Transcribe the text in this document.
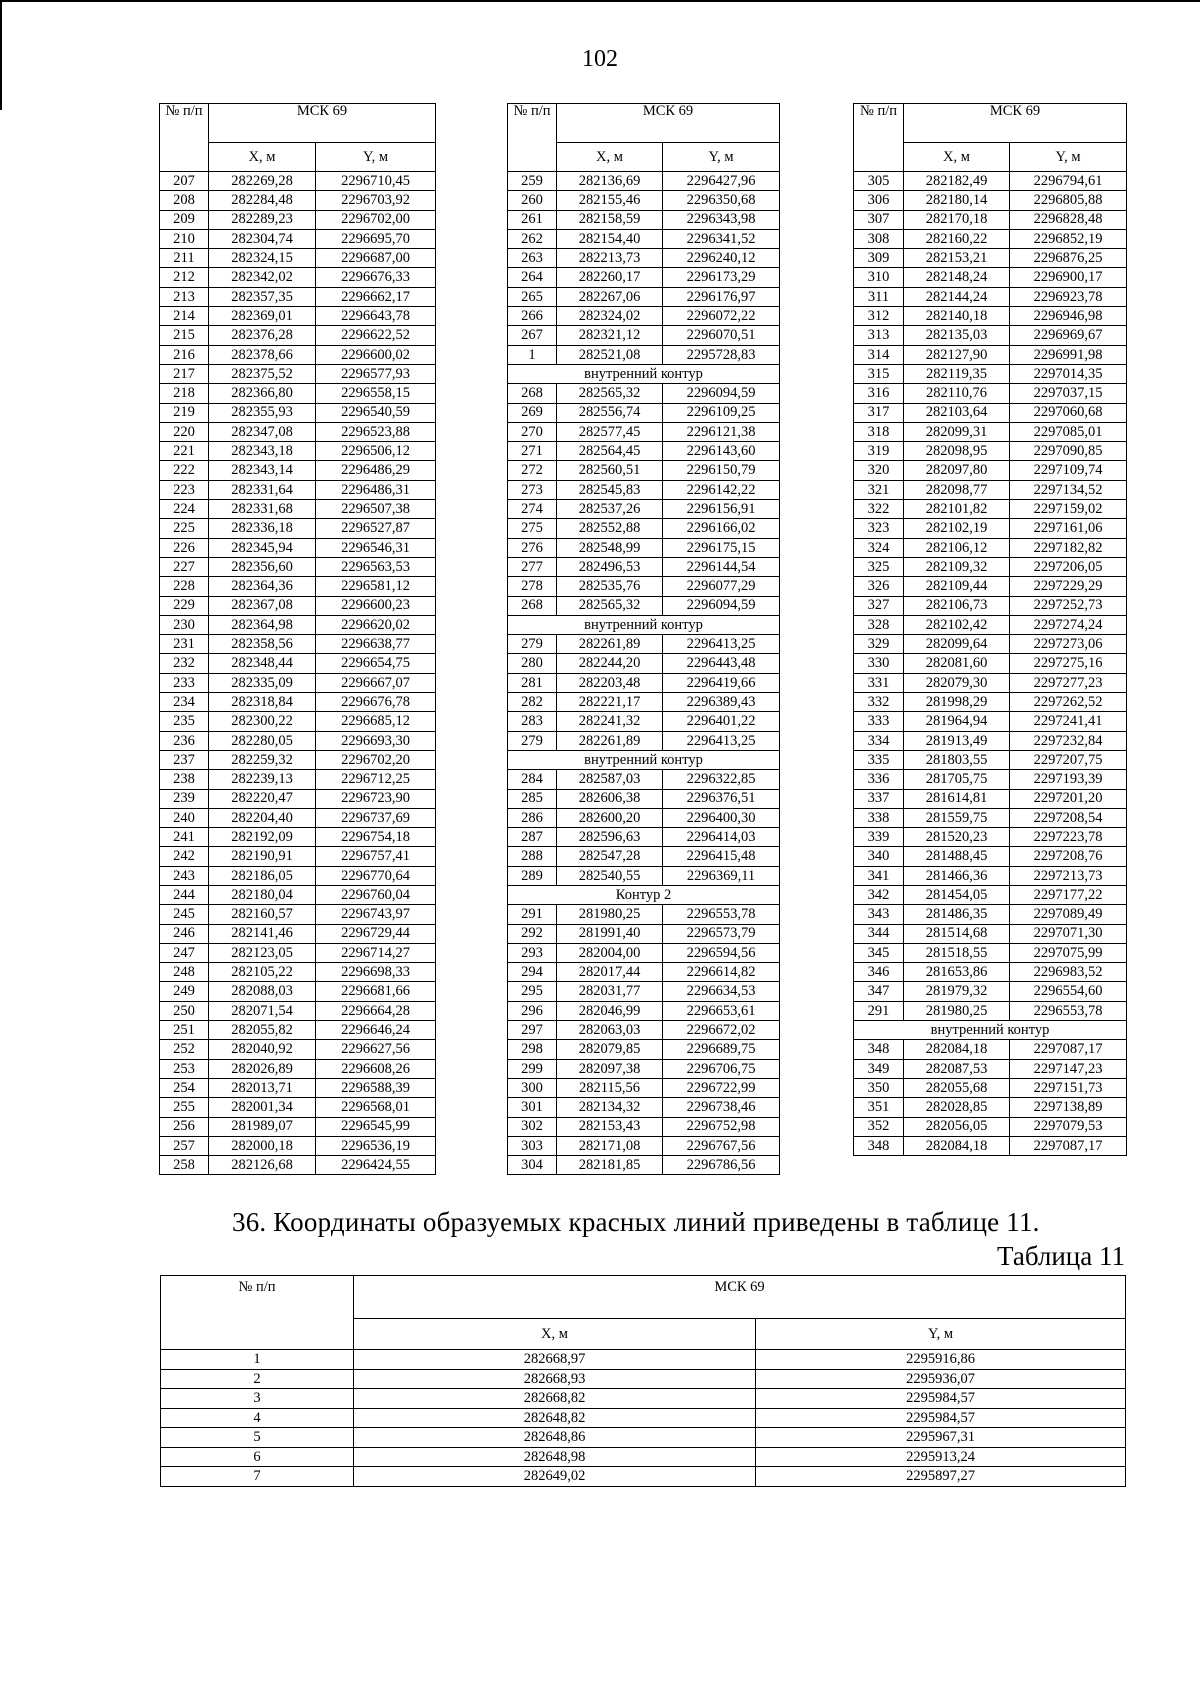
102
№ п/п	МСК 69	
	X, м	Y, м
207	282269,28	2296710,45
208	282284,48	2296703,92
209	282289,23	2296702,00
210	282304,74	2296695,70
211	282324,15	2296687,00
212	282342,02	2296676,33
213	282357,35	2296662,17
214	282369,01	2296643,78
215	282376,28	2296622,52
216	282378,66	2296600,02
217	282375,52	2296577,93
218	282366,80	2296558,15
219	282355,93	2296540,59
220	282347,08	2296523,88
221	282343,18	2296506,12
222	282343,14	2296486,29
223	282331,64	2296486,31
224	282331,68	2296507,38
225	282336,18	2296527,87
226	282345,94	2296546,31
227	282356,60	2296563,53
228	282364,36	2296581,12
229	282367,08	2296600,23
230	282364,98	2296620,02
231	282358,56	2296638,77
232	282348,44	2296654,75
233	282335,09	2296667,07
234	282318,84	2296676,78
235	282300,22	2296685,12
236	282280,05	2296693,30
237	282259,32	2296702,20
238	282239,13	2296712,25
239	282220,47	2296723,90
240	282204,40	2296737,69
241	282192,09	2296754,18
242	282190,91	2296757,41
243	282186,05	2296770,64
244	282180,04	2296760,04
245	282160,57	2296743,97
246	282141,46	2296729,44
247	282123,05	2296714,27
248	282105,22	2296698,33
249	282088,03	2296681,66
250	282071,54	2296664,28
251	282055,82	2296646,24
252	282040,92	2296627,56
253	282026,89	2296608,26
254	282013,71	2296588,39
255	282001,34	2296568,01
256	281989,07	2296545,99
257	282000,18	2296536,19
258	282126,68	2296424,55
№ п/п	МСК 69	
	X, м	Y, м
259	282136,69	2296427,96
260	282155,46	2296350,68
261	282158,59	2296343,98
262	282154,40	2296341,52
263	282213,73	2296240,12
264	282260,17	2296173,29
265	282267,06	2296176,97
266	282324,02	2296072,22
267	282321,12	2296070,51
1	282521,08	2295728,83
внутренний контур		
268	282565,32	2296094,59
269	282556,74	2296109,25
270	282577,45	2296121,38
271	282564,45	2296143,60
272	282560,51	2296150,79
273	282545,83	2296142,22
274	282537,26	2296156,91
275	282552,88	2296166,02
276	282548,99	2296175,15
277	282496,53	2296144,54
278	282535,76	2296077,29
268	282565,32	2296094,59
внутренний контур		
279	282261,89	2296413,25
280	282244,20	2296443,48
281	282203,48	2296419,66
282	282221,17	2296389,43
283	282241,32	2296401,22
279	282261,89	2296413,25
внутренний контур		
284	282587,03	2296322,85
285	282606,38	2296376,51
286	282600,20	2296400,30
287	282596,63	2296414,03
288	282547,28	2296415,48
289	282540,55	2296369,11
Контур 2		
291	281980,25	2296553,78
292	281991,40	2296573,79
293	282004,00	2296594,56
294	282017,44	2296614,82
295	282031,77	2296634,53
296	282046,99	2296653,61
297	282063,03	2296672,02
298	282079,85	2296689,75
299	282097,38	2296706,75
300	282115,56	2296722,99
301	282134,32	2296738,46
302	282153,43	2296752,98
303	282171,08	2296767,56
304	282181,85	2296786,56
№ п/п	МСК 69	
	X, м	Y, м
305	282182,49	2296794,61
306	282180,14	2296805,88
307	282170,18	2296828,48
308	282160,22	2296852,19
309	282153,21	2296876,25
310	282148,24	2296900,17
311	282144,24	2296923,78
312	282140,18	2296946,98
313	282135,03	2296969,67
314	282127,90	2296991,98
315	282119,35	2297014,35
316	282110,76	2297037,15
317	282103,64	2297060,68
318	282099,31	2297085,01
319	282098,95	2297090,85
320	282097,80	2297109,74
321	282098,77	2297134,52
322	282101,82	2297159,02
323	282102,19	2297161,06
324	282106,12	2297182,82
325	282109,32	2297206,05
326	282109,44	2297229,29
327	282106,73	2297252,73
328	282102,42	2297274,24
329	282099,64	2297273,06
330	282081,60	2297275,16
331	282079,30	2297277,23
332	281998,29	2297262,52
333	281964,94	2297241,41
334	281913,49	2297232,84
335	281803,55	2297207,75
336	281705,75	2297193,39
337	281614,81	2297201,20
338	281559,75	2297208,54
339	281520,23	2297223,78
340	281488,45	2297208,76
341	281466,36	2297213,73
342	281454,05	2297177,22
343	281486,35	2297089,49
344	281514,68	2297071,30
345	281518,55	2297075,99
346	281653,86	2296983,52
347	281979,32	2296554,60
291	281980,25	2296553,78
внутренний контур		
348	282084,18	2297087,17
349	282087,53	2297147,23
350	282055,68	2297151,73
351	282028,85	2297138,89
352	282056,05	2297079,53
348	282084,18	2297087,17
36. Координаты образуемых красных линий приведены в таблице 11.
Таблица 11
№ п/п	МСК 69	
	X, м	Y, м
1	282668,97	2295916,86
2	282668,93	2295936,07
3	282668,82	2295984,57
4	282648,82	2295984,57
5	282648,86	2295967,31
6	282648,98	2295913,24
7	282649,02	2295897,27
